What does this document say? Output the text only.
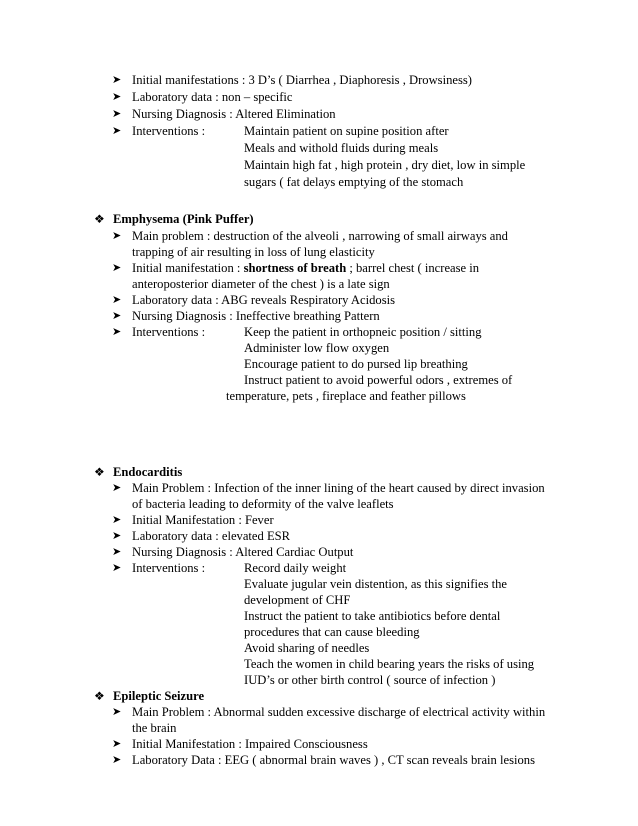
➤ Initial manifestations : 3 D’s ( Diarrhea , Diaphoresis , Drowsiness)
➤ Laboratory data : non – specific
➤ Nursing Diagnosis : Altered Elimination
➤ Interventions :	Maintain patient on supine position after
Meals and withold fluids during meals
Maintain high fat , high protein , dry diet, low in simple
sugars ( fat delays emptying of the stomach
❖ Emphysema (Pink Puffer)
➤ Main problem : destruction of the alveoli , narrowing of small airways and
trapping of air resulting in loss of lung elasticity
➤ Initial manifestation : shortness of breath ; barrel chest ( increase in
anteroposterior diameter of the chest ) is a late sign
➤ Laboratory data : ABG reveals Respiratory Acidosis
➤ Nursing Diagnosis : Ineffective breathing Pattern
➤ Interventions :	Keep the patient in orthopneic position / sitting
Administer low flow oxygen
Encourage patient to do pursed lip breathing
Instruct patient to avoid powerful odors , extremes of
temperature, pets , fireplace and feather pillows
❖ Endocarditis
➤ Main Problem : Infection of the inner lining of the heart caused by direct invasion
of bacteria leading to deformity of the valve leaflets
➤ Initial Manifestation : Fever
➤ Laboratory data : elevated ESR
➤ Nursing Diagnosis : Altered Cardiac Output
➤ Interventions :	Record daily weight
Evaluate jugular vein distention, as this signifies the
development of CHF
Instruct the patient to take antibiotics before dental
procedures that can cause bleeding
Avoid sharing of needles
Teach the women in child bearing years the risks of using
IUD’s or other birth control ( source of infection )
❖ Epileptic Seizure
➤ Main Problem : Abnormal sudden excessive discharge of electrical activity within
the brain
➤ Initial Manifestation : Impaired Consciousness
➤ Laboratory Data : EEG ( abnormal brain waves ) , CT scan reveals brain lesions
